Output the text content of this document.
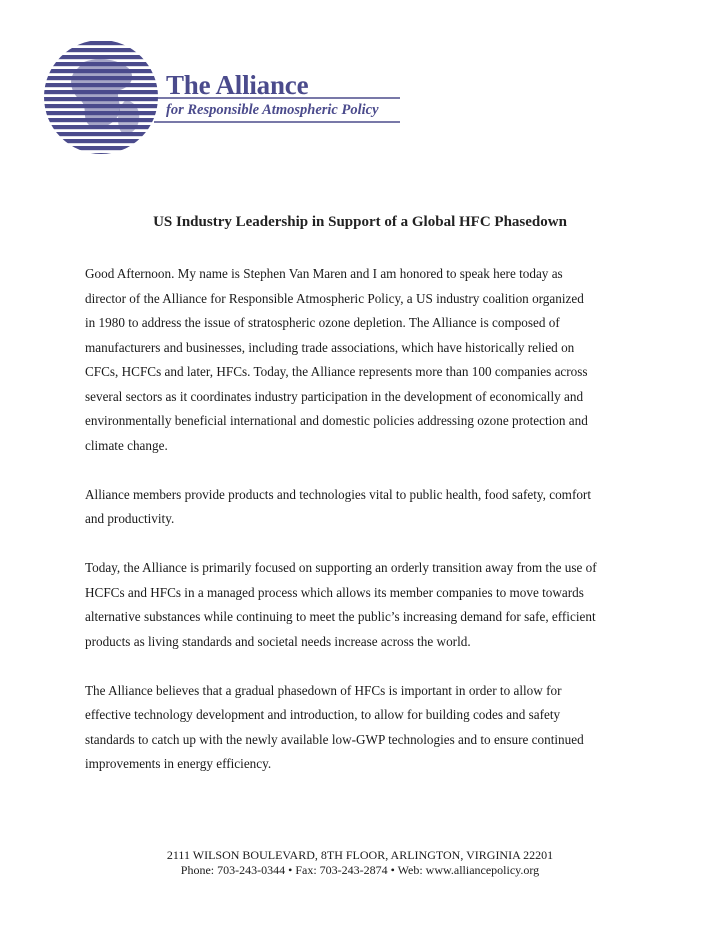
The Alliance
for Responsible Atmospheric Policy
US Industry Leadership in Support of a Global HFC Phasedown

Good Afternoon. My name is Stephen Van Maren and I am honored to speak here today as
director of the Alliance for Responsible Atmospheric Policy, a US industry coalition organized
in 1980 to address the issue of stratospheric ozone depletion. The Alliance is composed of
manufacturers and businesses, including trade associations, which have historically relied on
CFCs, HCFCs and later, HFCs. Today, the Alliance represents more than 100 companies across
several sectors as it coordinates industry participation in the development of economically and
environmentally beneficial international and domestic policies addressing ozone protection and
climate change.

Alliance members provide products and technologies vital to public health, food safety, comfort
and productivity.

Today, the Alliance is primarily focused on supporting an orderly transition away from the use of
HCFCs and HFCs in a managed process which allows its member companies to move towards
alternative substances while continuing to meet the public’s increasing demand for safe, efficient
products as living standards and societal needs increase across the world.

The Alliance believes that a gradual phasedown of HFCs is important in order to allow for
effective technology development and introduction, to allow for building codes and safety
standards to catch up with the newly available low-GWP technologies and to ensure continued
improvements in energy efficiency.

2111 WILSON BOULEVARD, 8TH FLOOR, ARLINGTON, VIRGINIA 22201
Phone: 703-243-0344 • Fax: 703-243-2874 • Web: www.alliancepolicy.org
